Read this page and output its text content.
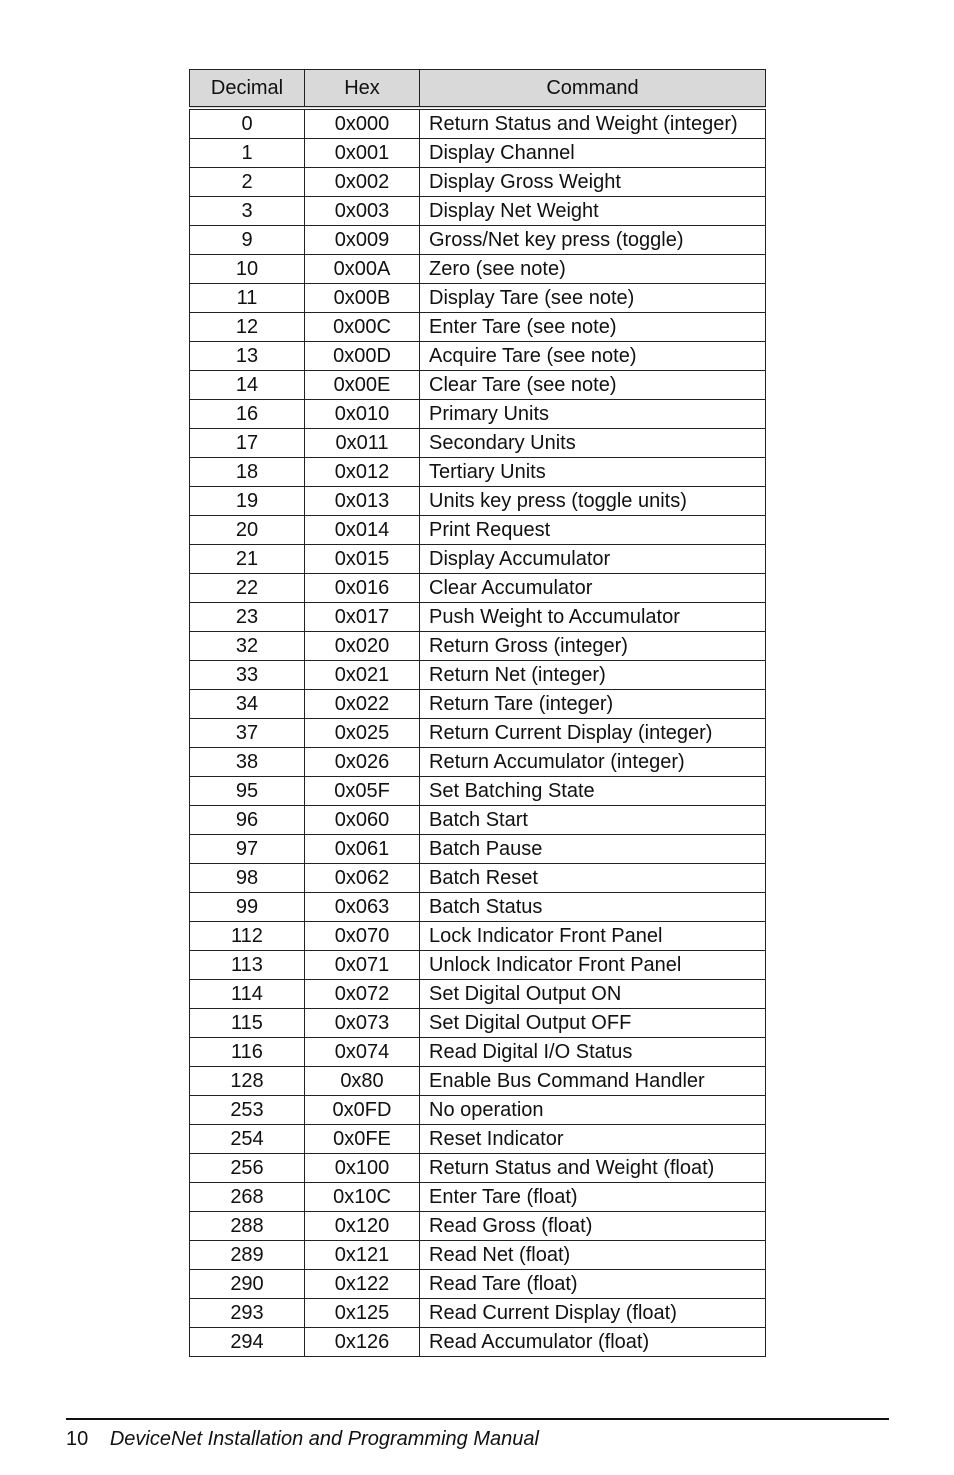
Decimal	Hex	Command
0	0x000	Return Status and Weight (integer)
1	0x001	Display Channel
2	0x002	Display Gross Weight
3	0x003	Display Net Weight
9	0x009	Gross/Net key press (toggle)
10	0x00A	Zero (see note)
11	0x00B	Display Tare (see note)
12	0x00C	Enter Tare (see note)
13	0x00D	Acquire Tare (see note)
14	0x00E	Clear Tare (see note)
16	0x010	Primary Units
17	0x011	Secondary Units
18	0x012	Tertiary Units
19	0x013	Units key press (toggle units)
20	0x014	Print Request
21	0x015	Display Accumulator
22	0x016	Clear Accumulator
23	0x017	Push Weight to Accumulator
32	0x020	Return Gross (integer)
33	0x021	Return Net (integer)
34	0x022	Return Tare (integer)
37	0x025	Return Current Display (integer)
38	0x026	Return Accumulator (integer)
95	0x05F	Set Batching State
96	0x060	Batch Start
97	0x061	Batch Pause
98	0x062	Batch Reset
99	0x063	Batch Status
112	0x070	Lock Indicator Front Panel
113	0x071	Unlock Indicator Front Panel
114	0x072	Set Digital Output ON
115	0x073	Set Digital Output OFF
116	0x074	Read Digital I/O Status
128	0x80	Enable Bus Command Handler
253	0x0FD	No operation
254	0x0FE	Reset Indicator
256	0x100	Return Status and Weight (float)
268	0x10C	Enter Tare (float)
288	0x120	Read Gross (float)
289	0x121	Read Net (float)
290	0x122	Read Tare (float)
293	0x125	Read Current Display (float)
294	0x126	Read Accumulator (float)
10 DeviceNet Installation and Programming Manual
